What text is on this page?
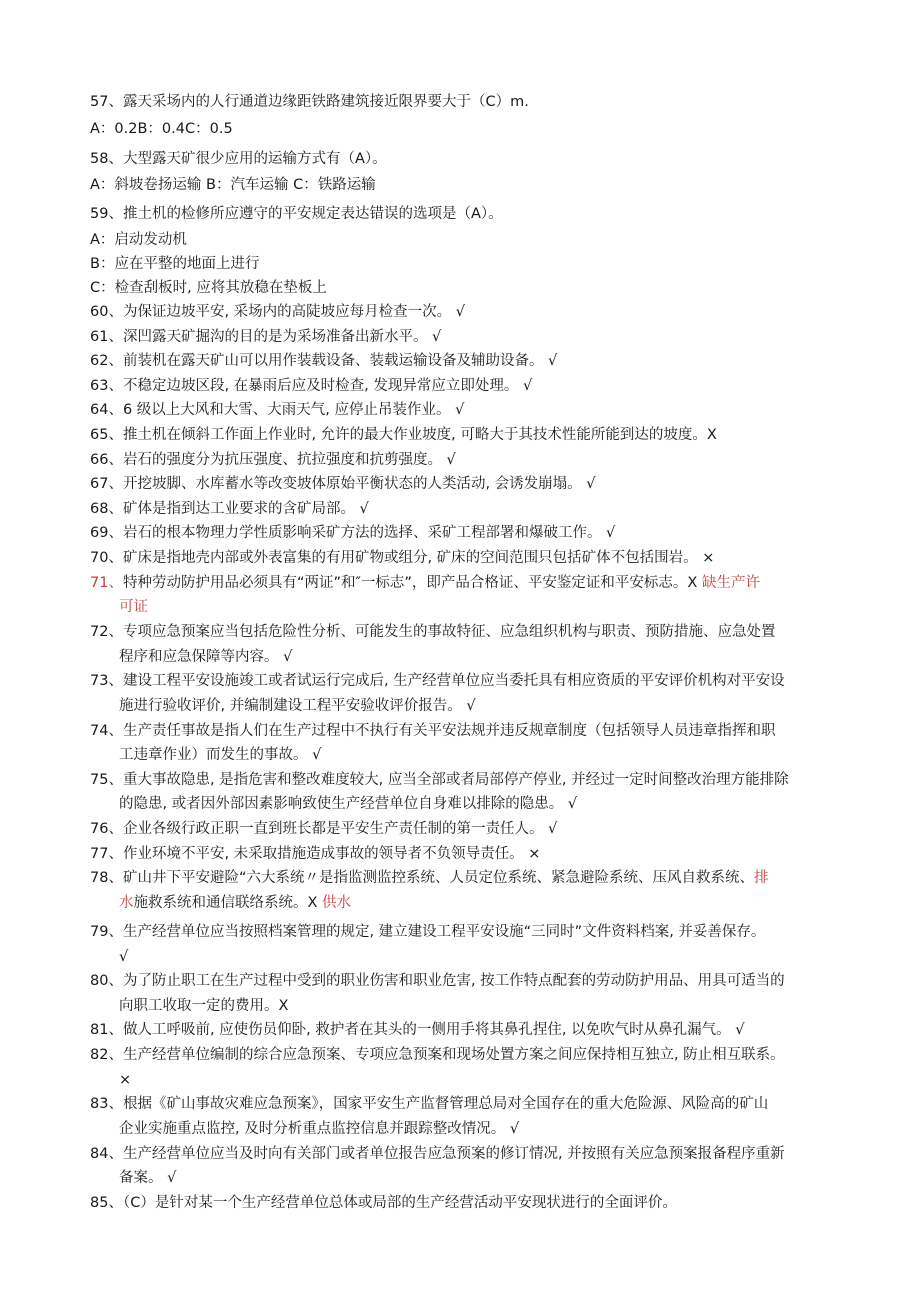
57、露天采场内的人行通道边缘距铁路建筑接近限界要大于（C）m.
A：0.2B：0.4C：0.5
58、大型露天矿很少应用的运输方式有（A）。
A：斜坡卷扬运输 B：汽车运输 C：铁路运输
59、推土机的检修所应遵守的平安规定表达错误的选项是（A）。
A：启动发动机
B：应在平整的地面上进行
C：检查刮板时, 应将其放稳在垫板上
60、为保证边坡平安, 采场内的高陡坡应每月检查一次。 √
61、深凹露天矿掘沟的目的是为采场准备出新水平。 √
62、前装机在露天矿山可以用作装载设备、装载运输设备及辅助设备。 √
63、不稳定边坡区段, 在暴雨后应及时检查, 发现异常应立即处理。 √
64、6 级以上大风和大雪、大雨天气, 应停止吊装作业。 √
65、推土机在倾斜工作面上作业时, 允许的最大作业坡度, 可略大于其技术性能所能到达的坡度。X
66、岩石的强度分为抗压强度、抗拉强度和抗剪强度。 √
67、开挖坡脚、水库蓄水等改变坡体原始平衡状态的人类活动, 会诱发崩塌。 √
68、矿体是指到达工业要求的含矿局部。 √
69、岩石的根本物理力学性质影响采矿方法的选择、采矿工程部署和爆破工作。 √
70、矿床是指地壳内部或外表富集的有用矿物或组分, 矿床的空间范围只包括矿体不包括围岩。 ×
71、特种劳动防护用品必须具有“两证”和″一标志”，即产品合格证、平安鉴定证和平安标志。X 缺生产许
可证
72、专项应急预案应当包括危险性分析、可能发生的事故特征、应急组织机构与职责、预防措施、应急处置
程序和应急保障等内容。 √
73、建设工程平安设施竣工或者试运行完成后, 生产经营单位应当委托具有相应资质的平安评价机构对平安设
施进行验收评价, 并编制建设工程平安验收评价报告。 √
74、生产责任事故是指人们在生产过程中不执行有关平安法规并违反规章制度（包括领导人员违章指挥和职
工违章作业）而发生的事故。 √
75、重大事故隐患, 是指危害和整改难度较大, 应当全部或者局部停产停业, 并经过一定时间整改治理方能排除
的隐患, 或者因外部因素影响致使生产经营单位自身难以排除的隐患。 √
76、企业各级行政正职一直到班长都是平安生产责任制的第一责任人。 √
77、作业环境不平安, 未采取措施造成事故的领导者不负领导责任。 ×
78、矿山井下平安避险“六大系统〃是指监测监控系统、人员定位系统、紧急避险系统、压风自救系统、排
水施救系统和通信联络系统。X 供水
79、生产经营单位应当按照档案管理的规定, 建立建设工程平安设施“三同时”文件资料档案, 并妥善保存。
√
80、为了防止职工在生产过程中受到的职业伤害和职业危害, 按工作特点配套的劳动防护用品、用具可适当的
向职工收取一定的费用。X
81、做人工呼吸前, 应使伤员仰卧, 救护者在其头的一侧用手将其鼻孔捏住, 以免吹气时从鼻孔漏气。 √
82、生产经营单位编制的综合应急预案、专项应急预案和现场处置方案之间应保持相互独立, 防止相互联系。
×
83、根据《矿山事故灾难应急预案》，国家平安生产监督管理总局对全国存在的重大危险源、风险高的矿山
企业实施重点监控, 及时分析重点监控信息并跟踪整改情况。 √
84、生产经营单位应当及时向有关部门或者单位报告应急预案的修订情况, 并按照有关应急预案报备程序重新
备案。 √
85、（C）是针对某一个生产经营单位总体或局部的生产经营活动平安现状进行的全面评价。
